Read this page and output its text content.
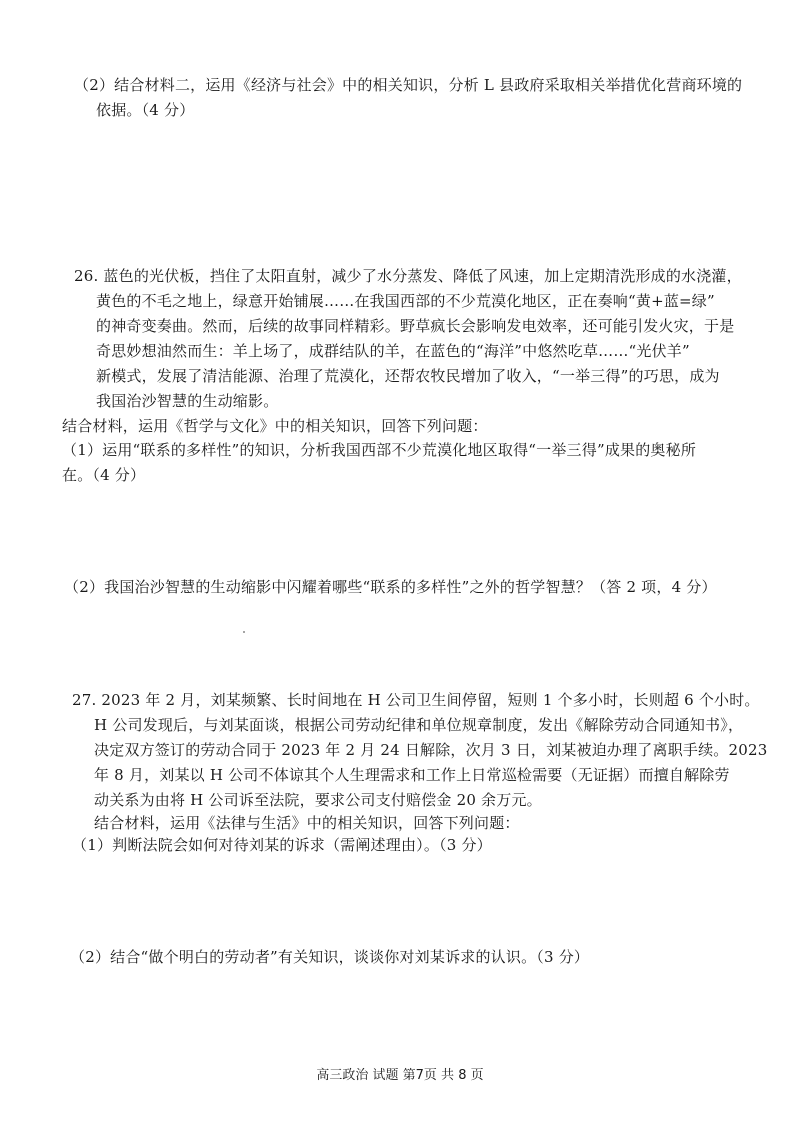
（2）结合材料二，运用《经济与社会》中的相关知识，分析 L 县政府采取相关举措优化营商环境的
依据。（4 分）
26. 蓝色的光伏板，挡住了太阳直射，减少了水分蒸发、降低了风速，加上定期清洗形成的水浇灌，
黄色的不毛之地上，绿意开始铺展……在我国西部的不少荒漠化地区，正在奏响“黄+蓝=绿”
的神奇变奏曲。然而，后续的故事同样精彩。野草疯长会影响发电效率，还可能引发火灾，于是
奇思妙想油然而生：羊上场了，成群结队的羊，在蓝色的“海洋”中悠然吃草……“光伏羊”
新模式，发展了清洁能源、治理了荒漠化，还帮农牧民增加了收入，“一举三得”的巧思，成为
我国治沙智慧的生动缩影。
结合材料，运用《哲学与文化》中的相关知识，回答下列问题：
（1）运用“联系的多样性”的知识，分析我国西部不少荒漠化地区取得“一举三得”成果的奥秘所
在。（4 分）
（2）我国治沙智慧的生动缩影中闪耀着哪些“联系的多样性”之外的哲学智慧？（答 2 项，4 分）
27. 2023 年 2 月，刘某频繁、长时间地在 H 公司卫生间停留，短则 1 个多小时，长则超 6 个小时。
H 公司发现后，与刘某面谈，根据公司劳动纪律和单位规章制度，发出《解除劳动合同通知书》，
决定双方签订的劳动合同于 2023 年 2 月 24 日解除，次月 3 日，刘某被迫办理了离职手续。2023
年 8 月，刘某以 H 公司不体谅其个人生理需求和工作上日常巡检需要（无证据）而擅自解除劳
动关系为由将 H 公司诉至法院，要求公司支付赔偿金 20 余万元。
结合材料，运用《法律与生活》中的相关知识，回答下列问题：
（1）判断法院会如何对待刘某的诉求（需阐述理由）。（3 分）
（2）结合“做个明白的劳动者”有关知识，谈谈你对刘某诉求的认识。（3 分）
高三政治 试题 第7页 共 8 页
